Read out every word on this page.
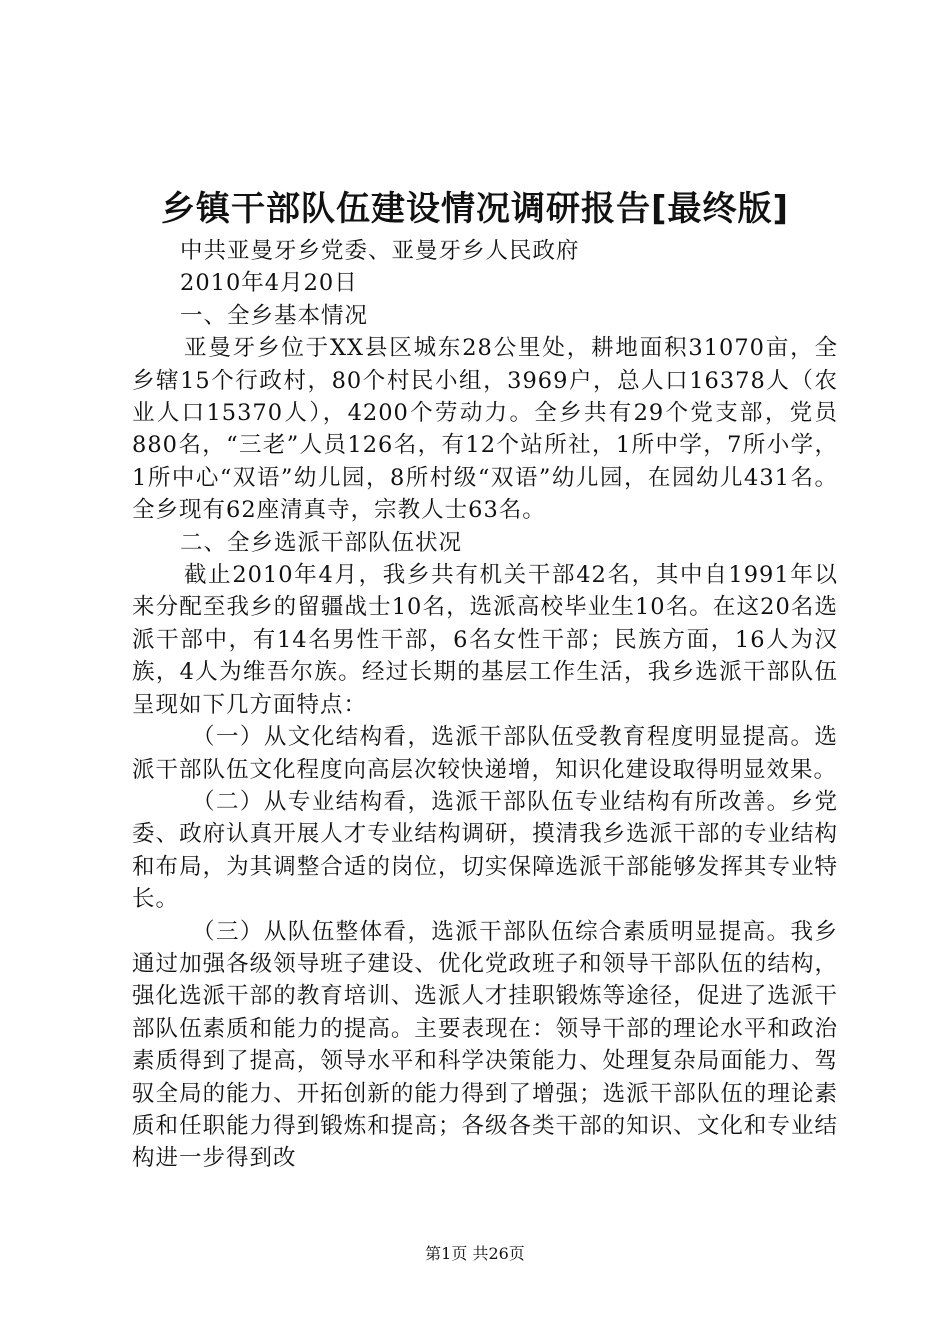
乡镇干部队伍建设情况调研报告[最终版]

中共亚曼牙乡党委、亚曼牙乡人民政府

2010年4月20日

一、全乡基本情况

亚曼牙乡位于XX县区城东28公里处，耕地面积31070亩，全乡辖15个行政村，80个村民小组，3969户，总人口16378人（农业人口15370人），4200个劳动力。全乡共有29个党支部，党员880名，“三老”人员126名，有12个站所社，1所中学，7所小学，1所中心“双语”幼儿园，8所村级“双语”幼儿园，在园幼儿431名。全乡现有62座清真寺，宗教人士63名。

二、全乡选派干部队伍状况

截止2010年4月，我乡共有机关干部42名，其中自1991年以来分配至我乡的留疆战士10名，选派高校毕业生10名。在这20名选派干部中，有14名男性干部，6名女性干部；民族方面，16人为汉族，4人为维吾尔族。经过长期的基层工作生活，我乡选派干部队伍呈现如下几方面特点：

（一）从文化结构看，选派干部队伍受教育程度明显提高。选派干部队伍文化程度向高层次较快递增，知识化建设取得明显效果。

（二）从专业结构看，选派干部队伍专业结构有所改善。乡党委、政府认真开展人才专业结构调研，摸清我乡选派干部的专业结构和布局，为其调整合适的岗位，切实保障选派干部能够发挥其专业特长。

（三）从队伍整体看，选派干部队伍综合素质明显提高。我乡通过加强各级领导班子建设、优化党政班子和领导干部队伍的结构，强化选派干部的教育培训、选派人才挂职锻炼等途径，促进了选派干部队伍素质和能力的提高。主要表现在：领导干部的理论水平和政治素质得到了提高，领导水平和科学决策能力、处理复杂局面能力、驾驭全局的能力、开拓创新的能力得到了增强；选派干部队伍的理论素质和任职能力得到锻炼和提高；各级各类干部的知识、文化和专业结构进一步得到改

第1页 共26页
